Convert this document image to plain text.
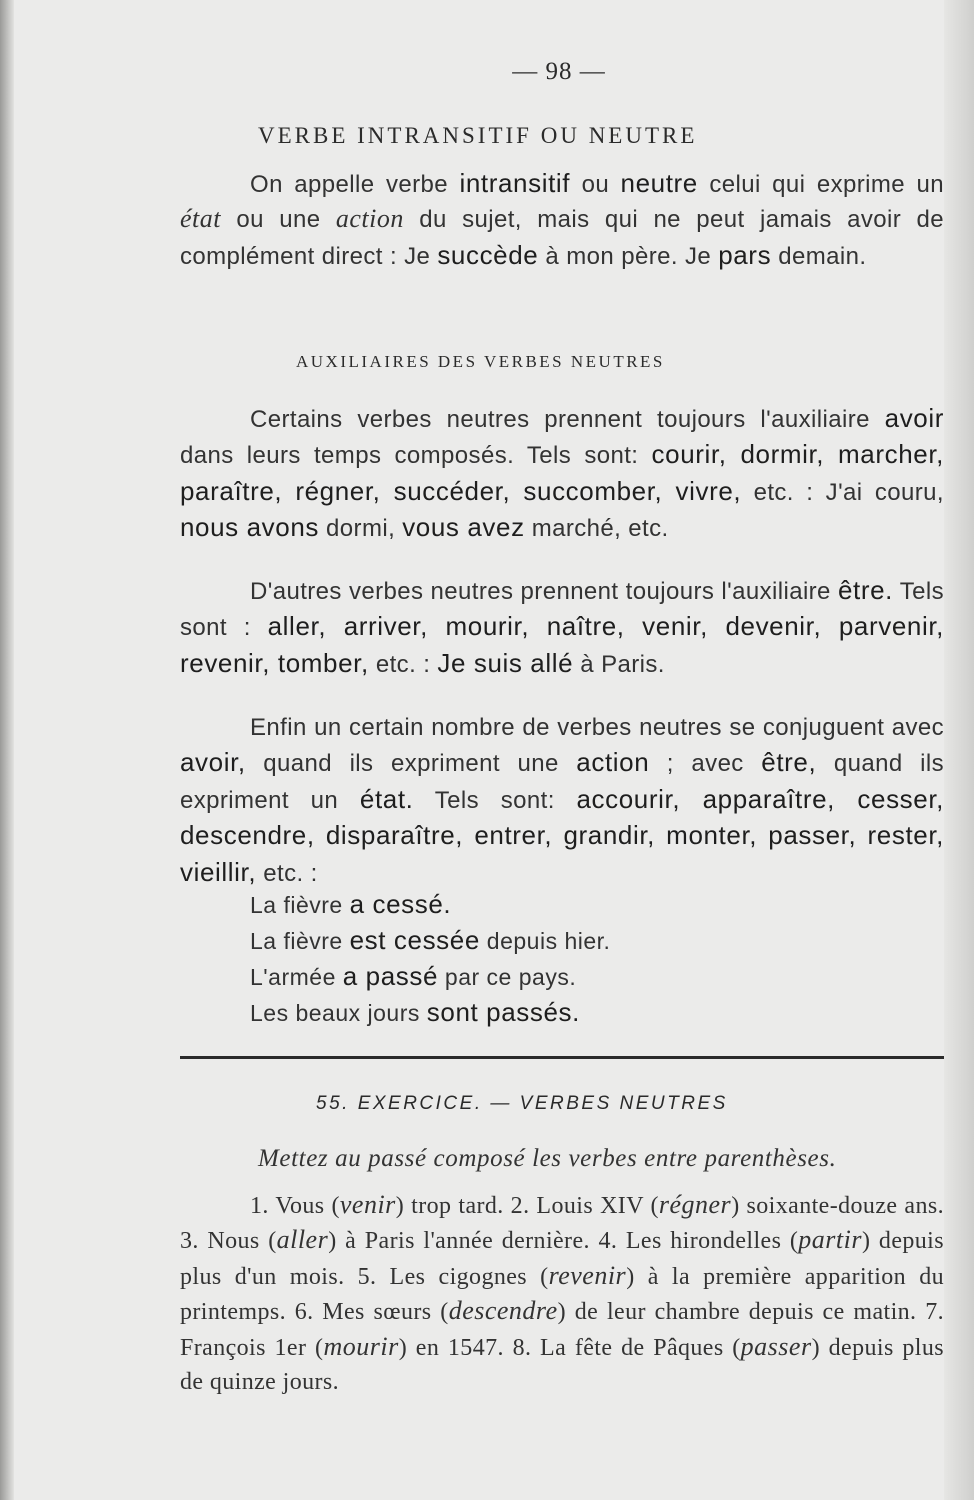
— 98 —
VERBE INTRANSITIF OU NEUTRE

On appelle verbe intransitif ou neutre celui qui exprime un état ou une action du sujet, mais qui ne peut jamais avoir de complément direct : Je succède à mon père. Je pars demain.

AUXILIAIRES DES VERBES NEUTRES

Certains verbes neutres prennent toujours l'auxiliaire avoir dans leurs temps composés. Tels sont: courir, dormir, marcher, paraître, régner, succéder, succomber, vivre, etc. : J'ai couru, nous avons dormi, vous avez marché, etc.

D'autres verbes neutres prennent toujours l'auxiliaire être. Tels sont : aller, arriver, mourir, naître, venir, devenir, parvenir, revenir, tomber, etc. : Je suis allé à Paris.

Enfin un certain nombre de verbes neutres se conjuguent avec avoir, quand ils expriment une action ; avec être, quand ils expriment un état. Tels sont: accourir, apparaître, cesser, descendre, disparaître, entrer, grandir, monter, passer, rester, vieillir, etc. :

La fièvre a cessé.
La fièvre est cessée depuis hier.
L'armée a passé par ce pays.
Les beaux jours sont passés.
55. EXERCICE. — VERBES NEUTRES
Mettez au passé composé les verbes entre parenthèses.

1. Vous (venir) trop tard. 2. Louis XIV (régner) soixante-douze ans. 3. Nous (aller) à Paris l'année dernière. 4. Les hirondelles (partir) depuis plus d'un mois. 5. Les cigognes (revenir) à la première apparition du printemps. 6. Mes sœurs (descendre) de leur chambre depuis ce matin. 7. François 1er (mourir) en 1547. 8. La fête de Pâques (passer) depuis plus de quinze jours.
